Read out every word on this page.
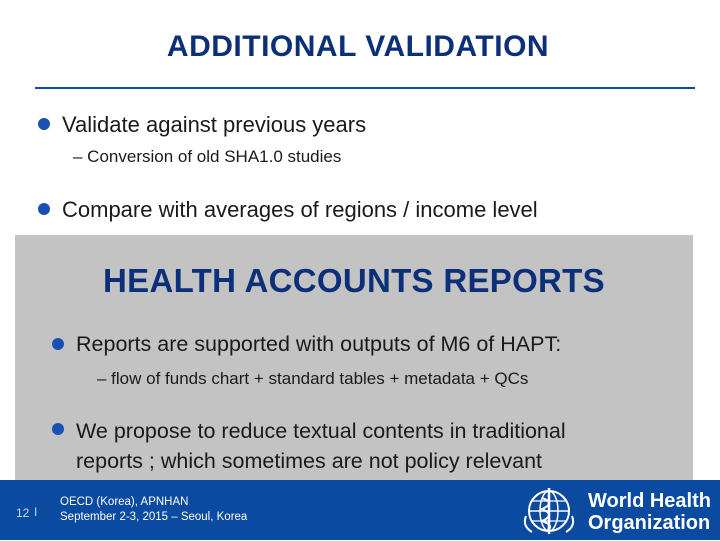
ADDITIONAL VALIDATION
Validate against previous years
– Conversion of old SHA1.0 studies
Compare with averages of regions / income level
HEALTH ACCOUNTS REPORTS
Reports are supported with outputs of M6 of HAPT:
– flow of funds chart + standard tables + metadata + QCs
We propose to reduce textual contents in traditional
reports ; which sometimes are not policy relevant
12 I
OECD (Korea), APNHAN
September 2-3, 2015 – Seoul, Korea
World Health
Organization
